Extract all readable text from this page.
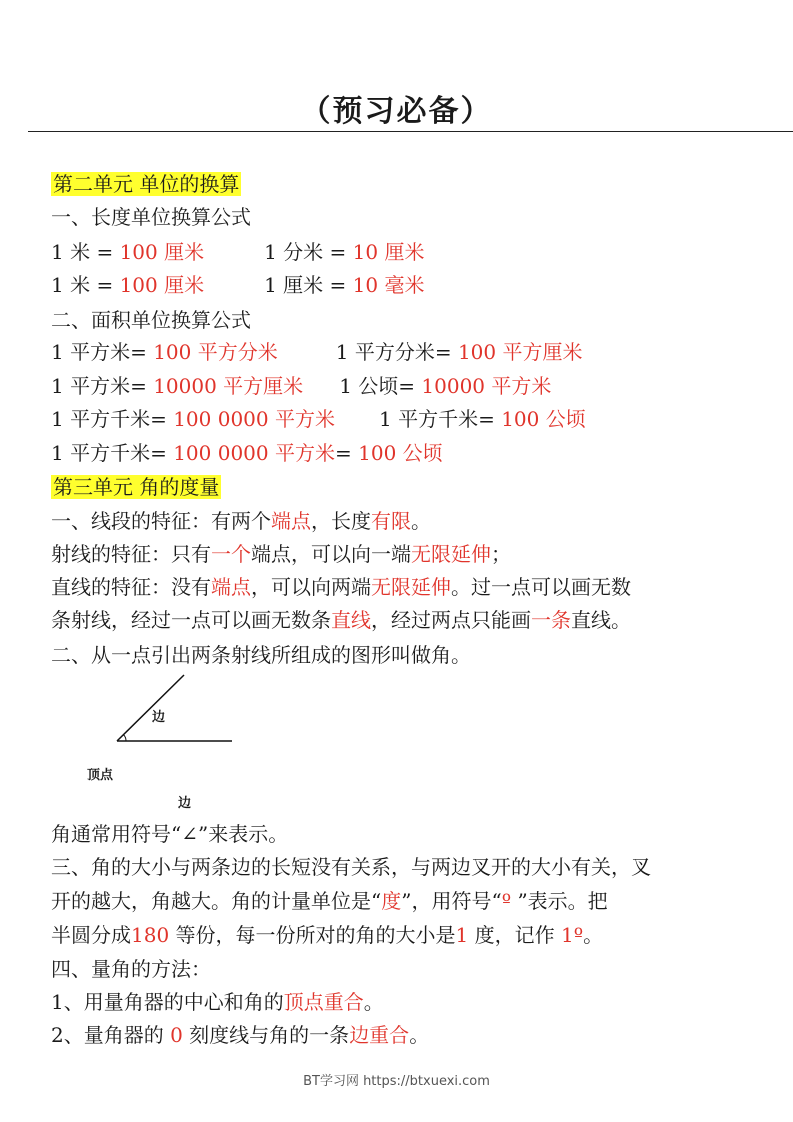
（预习必备）
第二单元 单位的换算
一、长度单位换算公式
1 米 = 100 厘米	1 分米 = 10 厘米
1 米 = 100 厘米	1 厘米 = 10 毫米
二、面积单位换算公式
1 平方米= 100 平方分米	1 平方分米= 100 平方厘米
1 平方米= 10000 平方厘米 1 公顷= 10000 平方米
1 平方千米= 100 0000 平方米 1 平方千米= 100 公顷
1 平方千米= 100 0000 平方米= 100 公顷
第三单元 角的度量
一、线段的特征：有两个端点，长度有限。
射线的特征：只有一个端点，可以向一端无限延伸；
直线的特征：没有端点，可以向两端无限延伸。过一点可以画无数
条射线，经过一点可以画无数条直线，经过两点只能画一条直线。
二、从一点引出两条射线所组成的图形叫做角。
边
顶点
边
角通常用符号“∠”来表示。
三、角的大小与两条边的长短没有关系，与两边叉开的大小有关，叉
开的越大，角越大。角的计量单位是“度”，用符号“º ”表示。把
半圆分成180 等份，每一份所对的角的大小是1 度，记作 1º。
四、量角的方法：
1、用量角器的中心和角的顶点重合。
2、量角器的 0 刻度线与角的一条边重合。
BT学习网 https://btxuexi.com
